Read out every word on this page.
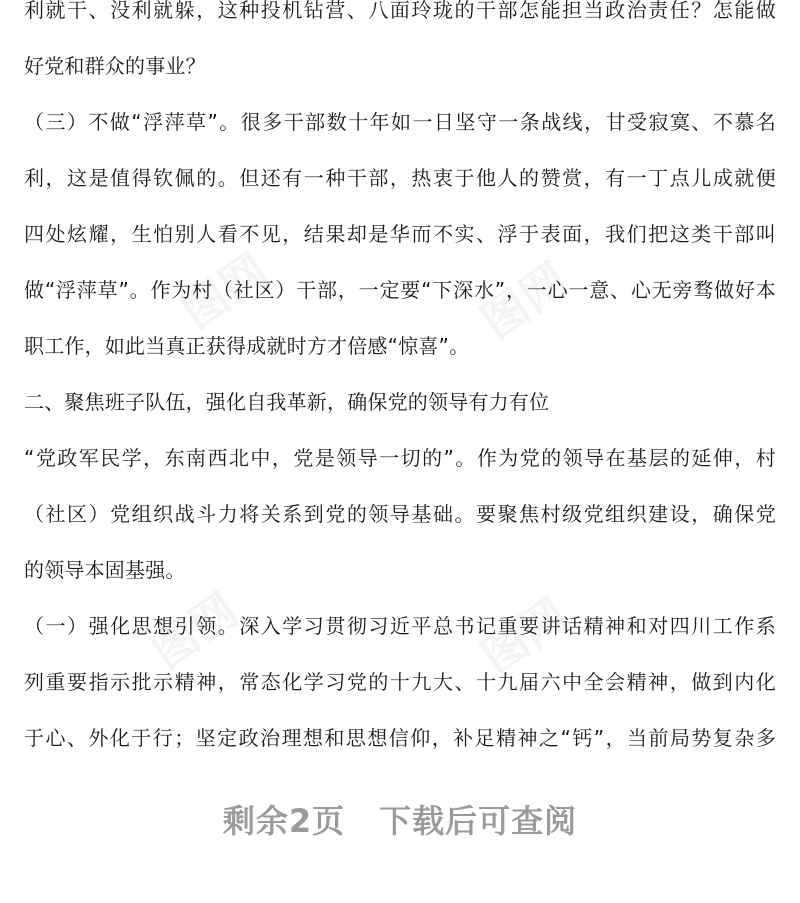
图网	图网
图网	图网
利就干、没利就躲，这种投机钻营、八面玲珑的干部怎能担当政治责任？怎能做
好党和群众的事业？
（三）不做“浮萍草”。很多干部数十年如一日坚守一条战线，甘受寂寞、不慕名
利，这是值得钦佩的。但还有一种干部，热衷于他人的赞赏，有一丁点儿成就便
四处炫耀，生怕别人看不见，结果却是华而不实、浮于表面，我们把这类干部叫
做“浮萍草”。作为村（社区）干部，一定要“下深水”，一心一意、心无旁骛做好本
职工作，如此当真正获得成就时方才倍感“惊喜”。
二、聚焦班子队伍，强化自我革新，确保党的领导有力有位
“党政军民学，东南西北中，党是领导一切的”。作为党的领导在基层的延伸，村
（社区）党组织战斗力将关系到党的领导基础。要聚焦村级党组织建设，确保党
的领导本固基强。
（一）强化思想引领。深入学习贯彻习近平总书记重要讲话精神和对四川工作系
列重要指示批示精神，常态化学习党的十九大、十九届六中全会精神，做到内化
于心、外化于行；坚定政治理想和思想信仰，补足精神之“钙”，当前局势复杂多
剩余2页 下载后可查阅
